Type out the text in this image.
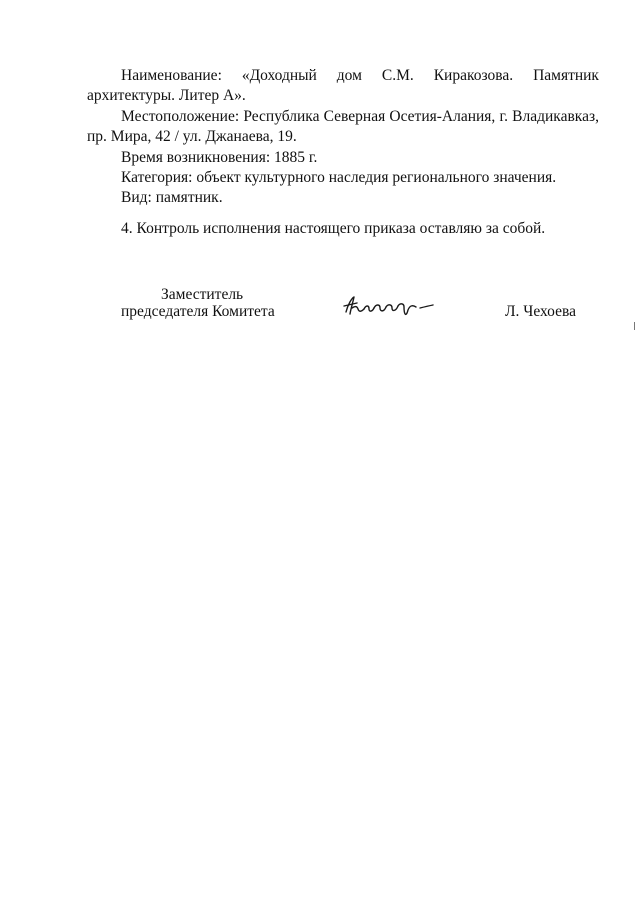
Наименование: «Доходный дом С.М. Киракозова. Памятник
архитектуры. Литер А».
Местоположение: Республика Северная Осетия-Алания, г. Владикавказ,
пр. Мира, 42 / ул. Джанаева, 19.
Время возникновения: 1885 г.
Категория: объект культурного наследия регионального значения.
Вид: памятник.
4. Контроль исполнения настоящего приказа оставляю за собой.
Заместитель
председателя Комитета	Л. Чехоева
